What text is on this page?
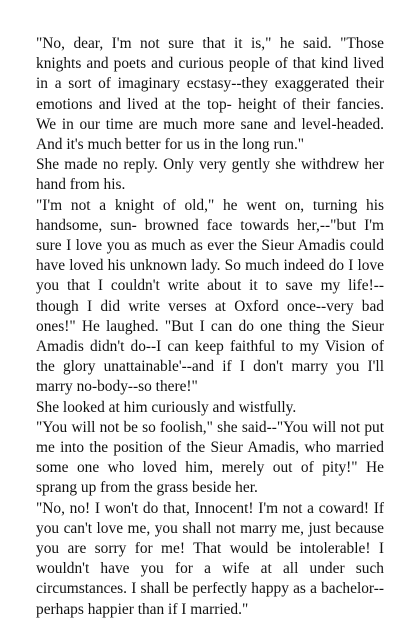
"No, dear, I'm not sure that it is," he said. "Those knights and poets and curious people of that kind lived in a sort of imaginary ecstasy--they exaggerated their emotions and lived at the top- height of their fancies. We in our time are much more sane and level-headed. And it's much better for us in the long run."

She made no reply. Only very gently she withdrew her hand from his.

"I'm not a knight of old," he went on, turning his handsome, sun- browned face towards her,--"but I'm sure I love you as much as ever the Sieur Amadis could have loved his unknown lady. So much indeed do I love you that I couldn't write about it to save my life!--though I did write verses at Oxford once--very bad ones!" He laughed. "But I can do one thing the Sieur Amadis didn't do--I can keep faithful to my Vision of the glory unattainable'--and if I don't marry you I'll marry no-body--so there!"

She looked at him curiously and wistfully.

"You will not be so foolish," she said--"You will not put me into the position of the Sieur Amadis, who married some one who loved him, merely out of pity!" He sprang up from the grass beside her.

"No, no! I won't do that, Innocent! I'm not a coward! If you can't love me, you shall not marry me, just because you are sorry for me! That would be intolerable! I wouldn't have you for a wife at all under such circumstances. I shall be perfectly happy as a bachelor--perhaps happier than if I married."
